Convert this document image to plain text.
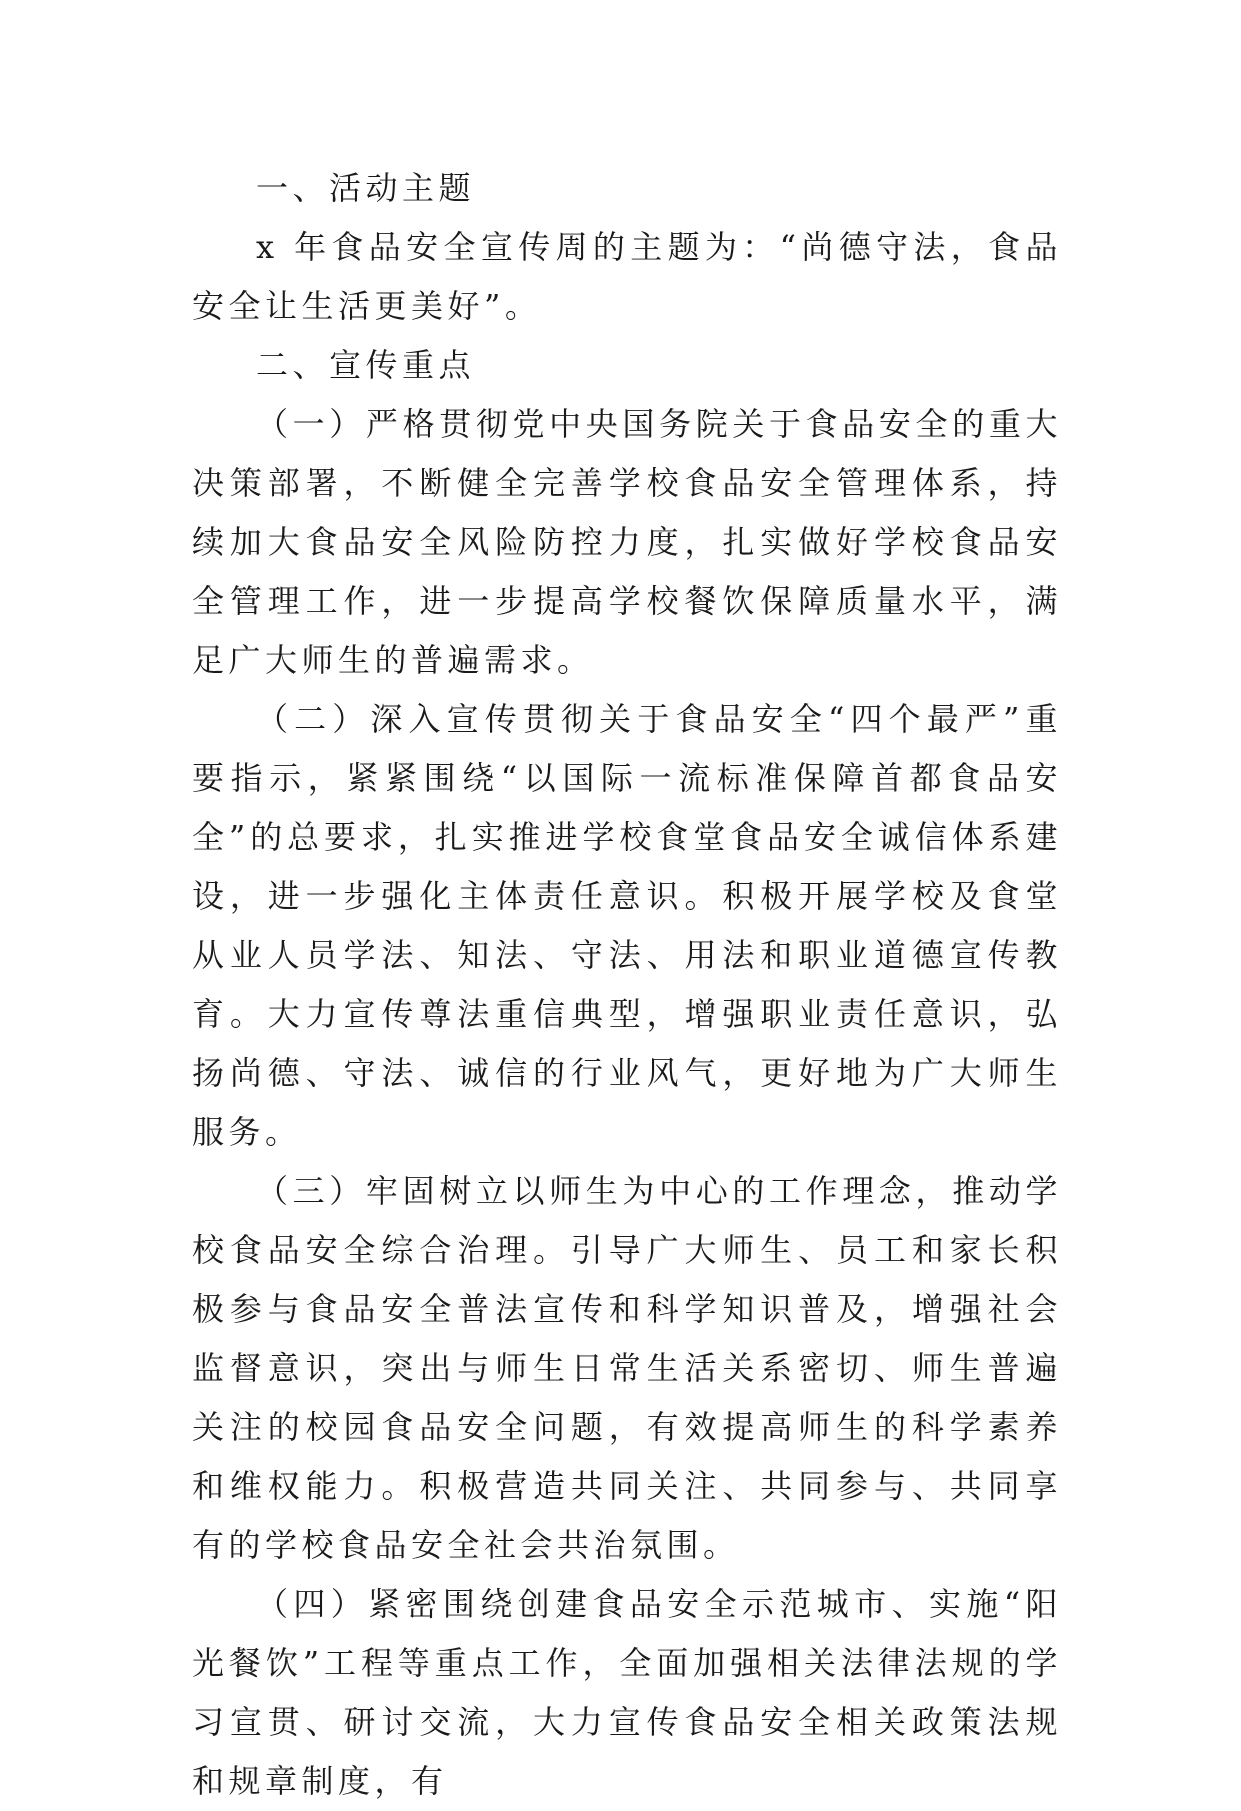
一、活动主题

x 年食品安全宣传周的主题为：“尚德守法，食品安全让生活更美好”。

二、宣传重点

（一）严格贯彻党中央国务院关于食品安全的重大决策部署，不断健全完善学校食品安全管理体系，持续加大食品安全风险防控力度，扎实做好学校食品安全管理工作，进一步提高学校餐饮保障质量水平，满足广大师生的普遍需求。

（二）深入宣传贯彻关于食品安全“四个最严”重要指示，紧紧围绕“以国际一流标准保障首都食品安全”的总要求，扎实推进学校食堂食品安全诚信体系建设，进一步强化主体责任意识。积极开展学校及食堂从业人员学法、知法、守法、用法和职业道德宣传教育。大力宣传尊法重信典型，增强职业责任意识，弘扬尚德、守法、诚信的行业风气，更好地为广大师生服务。

（三）牢固树立以师生为中心的工作理念，推动学校食品安全综合治理。引导广大师生、员工和家长积极参与食品安全普法宣传和科学知识普及，增强社会监督意识，突出与师生日常生活关系密切、师生普遍关注的校园食品安全问题，有效提高师生的科学素养和维权能力。积极营造共同关注、共同参与、共同享有的学校食品安全社会共治氛围。

（四）紧密围绕创建食品安全示范城市、实施“阳光餐饮”工程等重点工作，全面加强相关法律法规的学习宣贯、研讨交流，大力宣传食品安全相关政策法规和规章制度，有
